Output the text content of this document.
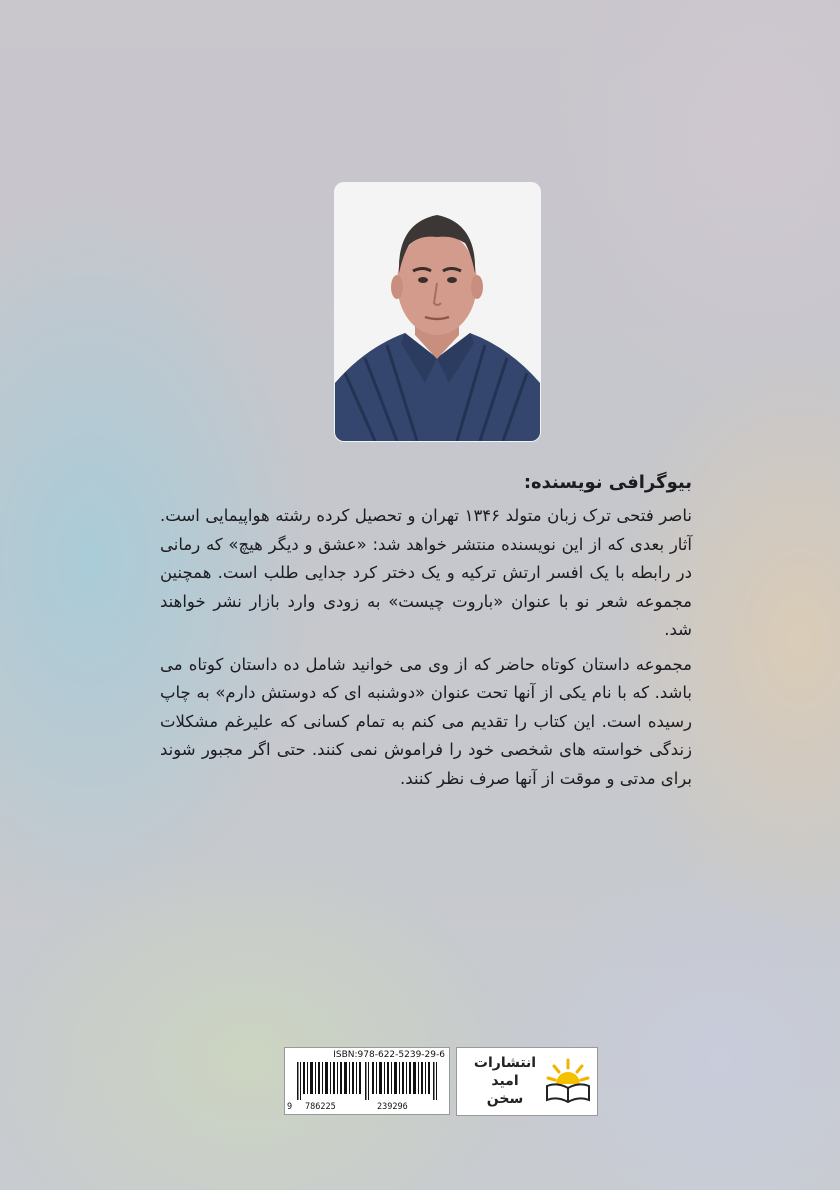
بیوگرافی نویسنده:

ناصر فتحی ترک زبان متولد ۱۳۴۶ تهران و تحصیل کرده رشته هواپیمایی است. آثار بعدی که از این نویسنده منتشر خواهد شد: «عشق و دیگر هیچ» که رمانی در رابطه با یک افسر ارتش ترکیه و یک دختر کرد جدایی طلب است. همچنین مجموعه شعر نو با عنوان «باروت چیست» به زودی وارد بازار نشر خواهند شد.

مجموعه داستان کوتاه حاضر که از وی می خوانید شامل ده داستان کوتاه می باشد. که با نام یکی از آنها تحت عنوان «دوشنبه ای که دوستش دارم» به چاپ رسیده است. این کتاب را تقدیم می کنم به تمام کسانی که علیرغم مشکلات زندگی خواسته های شخصی خود را فراموش نمی کنند. حتی اگر مجبور شوند برای مدتی و موقت از آنها صرف نظر کنند.

ISBN:978-622-5239-29-6
9 786225	239296
انتشارات
امید
سخن
